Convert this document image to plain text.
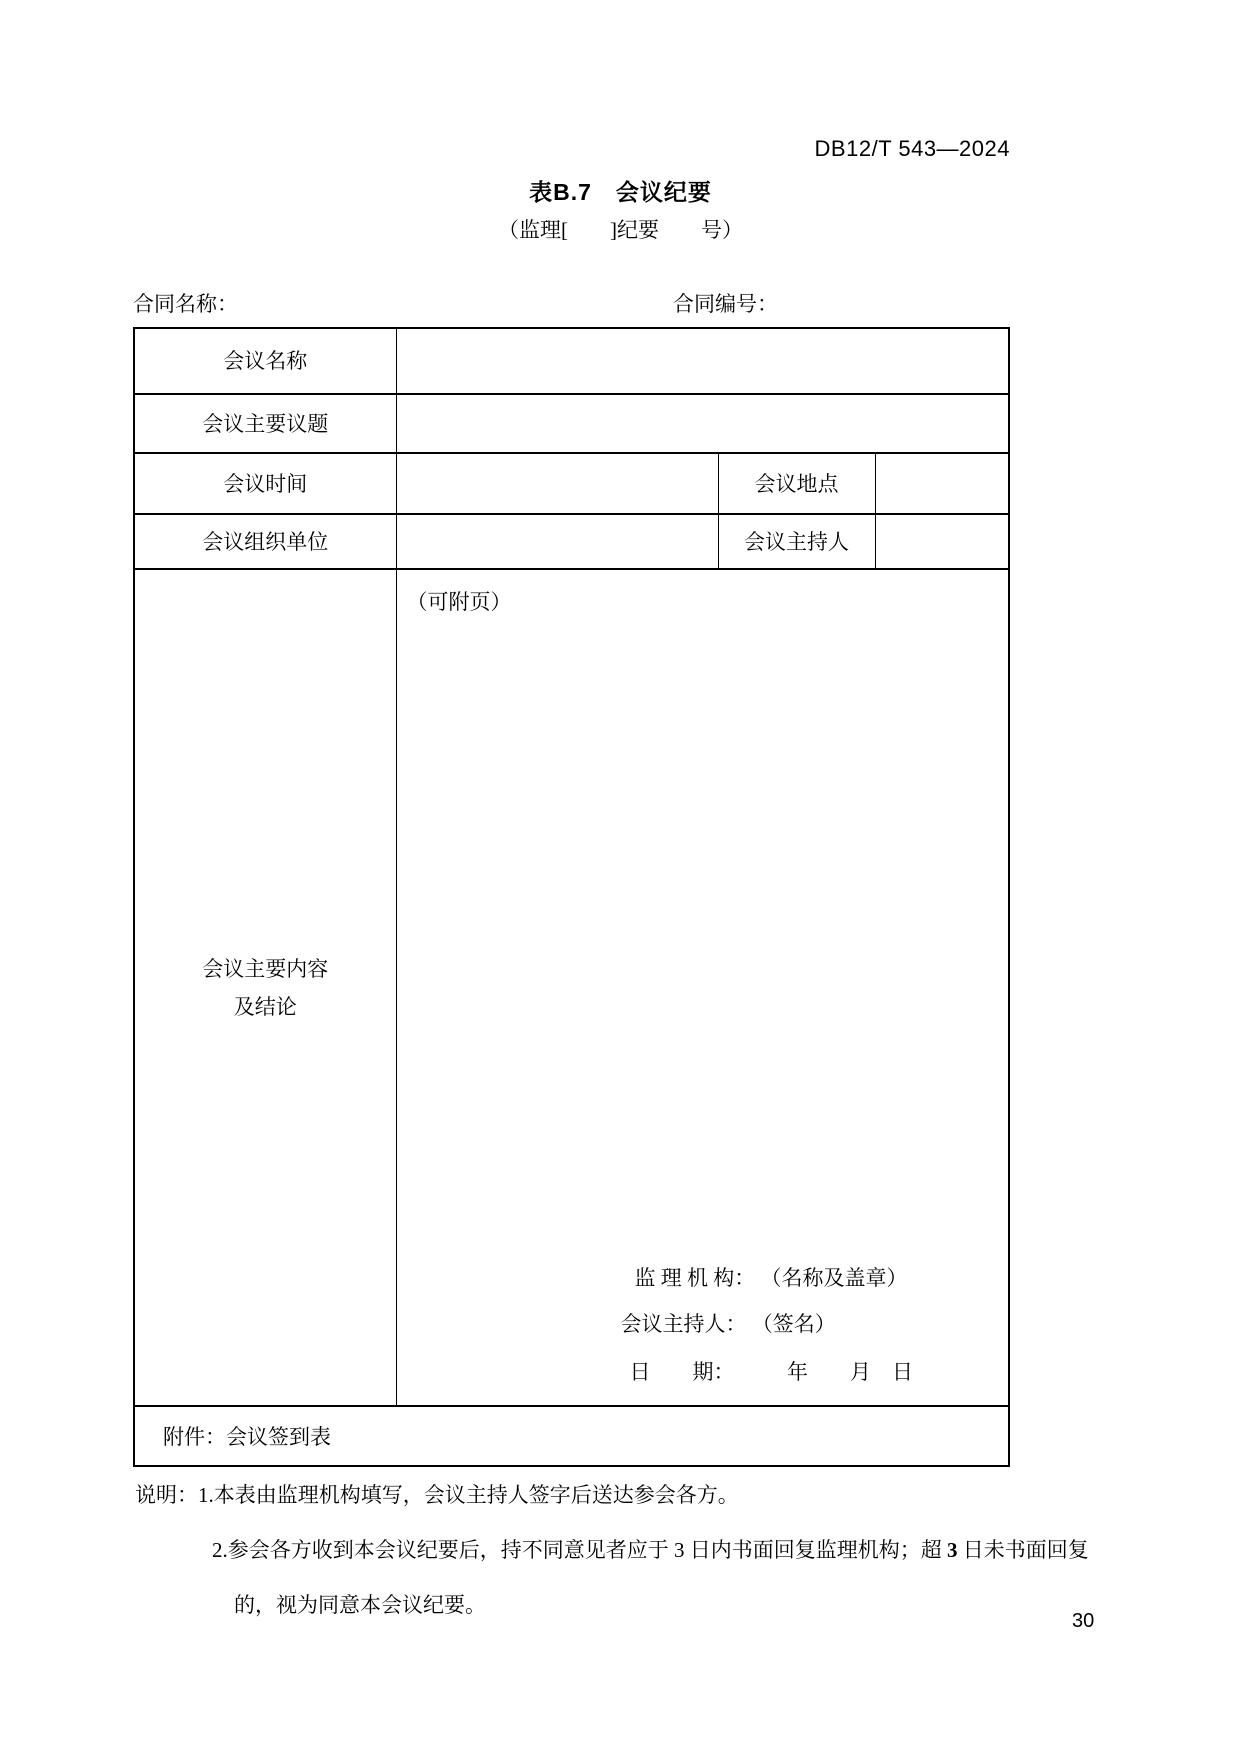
DB12/T 543—2024
表B.7　会议纪要
（监理[　　]纪要　　号）
合同名称：	合同编号：
会议名称			
会议主要议题			
会议时间		会议地点	
会议组织单位		会议主持人	

会议主要内容
及结论

（可附页）
监 理 机 构： （名称及盖章）
会议主持人： （签名）
日　　期：　　　年　　月　日

附件：会议签到表			
说明：1.本表由监理机构填写，会议主持人签字后送达参会各方。
2.参会各方收到本会议纪要后，持不同意见者应于 3 日内书面回复监理机构；超 3 日未书面回复
的，视为同意本会议纪要。
30
